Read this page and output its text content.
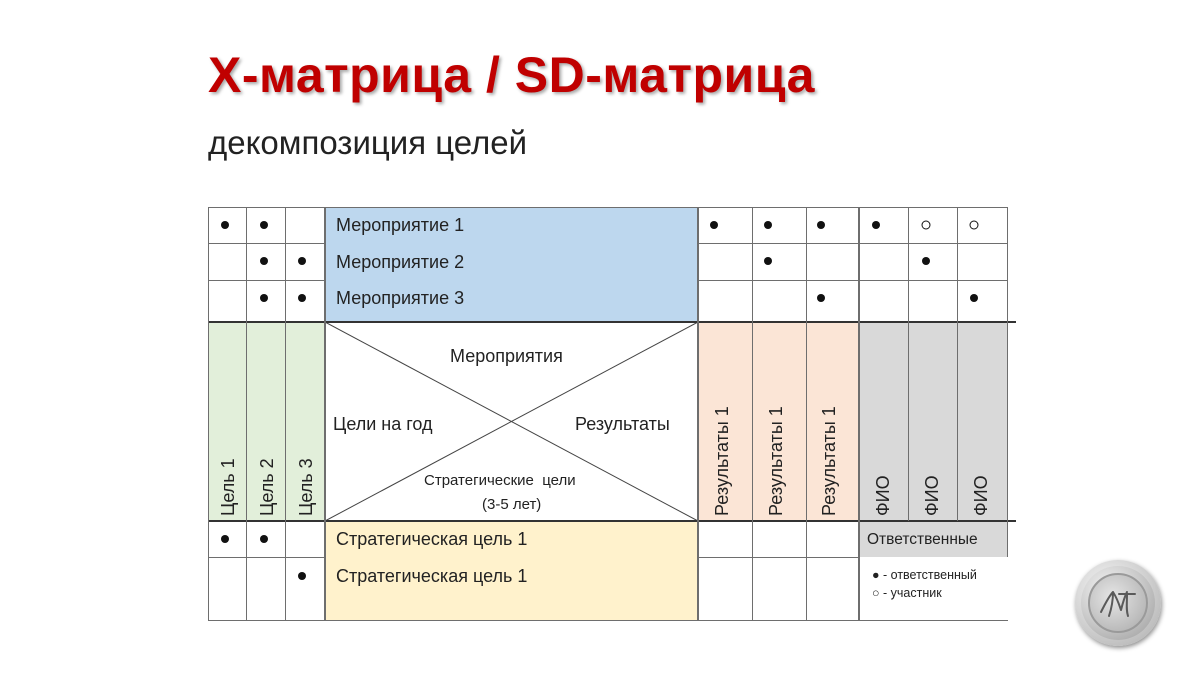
X-матрица / SD-матрица
декомпозиция целей
Мероприятие 1
Мероприятие 2
Мероприятие 3
Стратегическая цель 1
Стратегическая цель 1
Мероприятия
Цели на год	Результаты
Стратегические  цели
(3-5 лет)
Цель 1 Цель 2 Цель 3	Результаты 1 Результаты 1 Результаты 1 ФИО ФИО ФИО
Ответственные
● - ответственный
○ - участник
